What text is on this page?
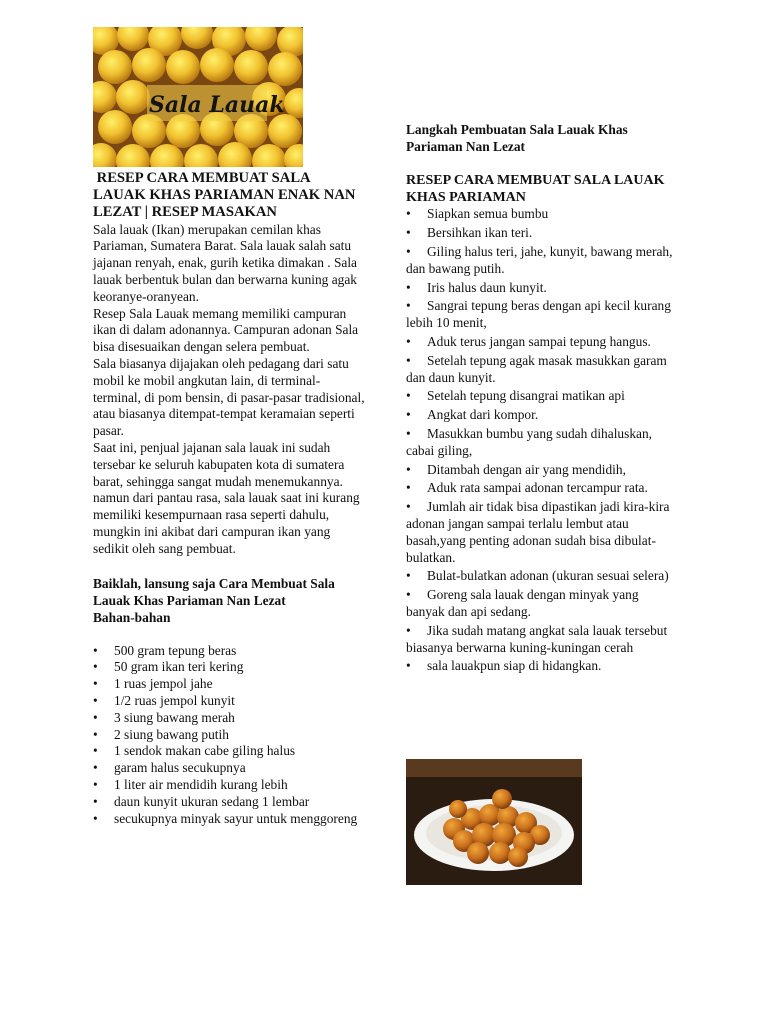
Sala Lauak

RESEP CARA MEMBUAT SALA LAUAK KHAS PARIAMAN ENAK NAN LEZAT | RESEP MASAKAN

Sala lauak (Ikan) merupakan cemilan khas Pariaman, Sumatera Barat. Sala lauak salah satu jajanan renyah, enak, gurih ketika dimakan . Sala lauak berbentuk bulan dan berwarna kuning agak keoranye-oranyean.

Resep Sala Lauak memang memiliki campuran ikan di dalam adonannya. Campuran adonan Sala bisa disesuaikan dengan selera pembuat.

Sala biasanya dijajakan oleh pedagang dari satu mobil ke mobil angkutan lain, di terminal-terminal, di pom bensin, di pasar-pasar tradisional, atau biasanya ditempat-tempat keramaian seperti pasar.

Saat ini, penjual jajanan sala lauak ini sudah tersebar ke seluruh kabupaten kota di sumatera barat, sehingga sangat mudah menemukannya. namun dari pantau rasa, sala lauak saat ini kurang memiliki kesempurnaan rasa seperti dahulu, mungkin ini akibat dari campuran ikan yang sedikit oleh sang pembuat.

Baiklah, lansung saja Cara Membuat Sala Lauak Khas Pariaman Nan Lezat

Bahan-bahan

• 500 gram tepung beras
• 50 gram ikan teri kering
• 1 ruas jempol jahe
• 1/2 ruas jempol kunyit
• 3 siung bawang merah
• 2 siung bawang putih
• 1 sendok makan cabe giling halus
• garam halus secukupnya
• 1 liter air mendidih kurang lebih
• daun kunyit ukuran sedang 1 lembar
• secukupnya minyak sayur untuk menggoreng

Langkah Pembuatan Sala Lauak Khas Pariaman Nan Lezat

RESEP CARA MEMBUAT SALA LAUAK KHAS PARIAMAN

• Siapkan semua bumbu
• Bersihkan ikan teri.
• Giling halus teri, jahe, kunyit, bawang merah, dan bawang putih.
• Iris halus daun kunyit.
• Sangrai tepung beras dengan api kecil kurang lebih 10 menit,
• Aduk terus jangan sampai tepung hangus.
• Setelah tepung agak masak masukkan garam dan daun kunyit.
• Setelah tepung disangrai matikan api
• Angkat dari kompor.
• Masukkan bumbu yang sudah dihaluskan, cabai giling,
• Ditambah dengan air yang mendidih,
• Aduk rata sampai adonan tercampur rata.
• Jumlah air tidak bisa dipastikan jadi kira-kira adonan jangan sampai terlalu lembut atau basah,yang penting adonan sudah bisa dibulat-bulatkan.
• Bulat-bulatkan adonan (ukuran sesuai selera)
• Goreng sala lauak dengan minyak yang banyak dan api sedang.
• Jika sudah matang angkat sala lauak tersebut biasanya berwarna kuning-kuningan cerah
• sala lauakpun siap di hidangkan.
